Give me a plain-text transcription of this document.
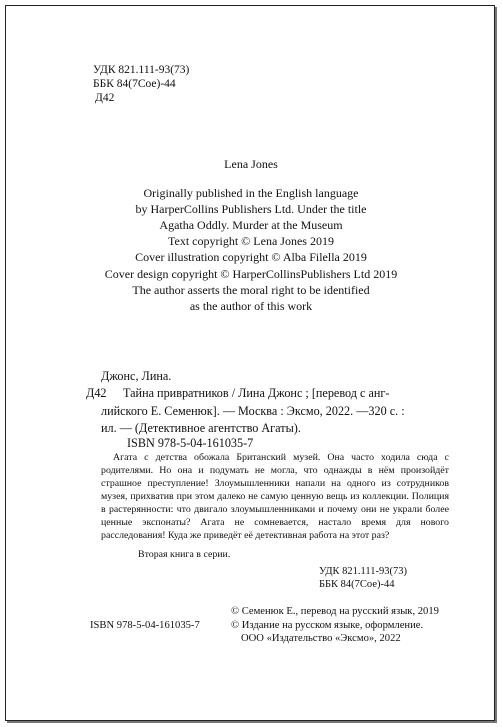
УДК 821.111-93(73)
ББК 84(7Сое)-44
Д42
Lena Jones
Originally published in the English language
by HarperCollins Publishers Ltd. Under the title
Agatha Oddly. Murder at the Museum
Text copyright © Lena Jones 2019
Cover illustration copyright © Alba Filella 2019
Cover design copyright © HarperCollinsPublishers Ltd 2019
The author asserts the moral right to be identified
as the author of this work
Джонс, Лина.
Д42 Тайна привратников / Лина Джонс ; [перевод с анг-
лийского Е. Семенюк]. — Москва : Эксмо, 2022. —320 с. :
ил. — (Детективное агентство Агаты).
ISBN 978-5-04-161035-7

Агата с детства обожала Британский музей. Она часто ходила сюда с родителями. Но она и подумать не могла, что однажды в нём произойдёт страшное преступление! Злоумышленники напали на одного из сотрудников музея, прихватив при этом далеко не самую ценную вещь из коллекции. Полиция в растерянности: что двигало злоумышленниками и почему они не украли более ценные экспонаты? Агата не сомневается, настало время для нового расследования! Куда же приведёт её детективная работа на этот раз?

Вторая книга в серии.
УДК 821.111-93(73)
ББК 84(7Сое)-44
© Семенюк Е., перевод на русский язык, 2019
© Издание на русском языке, оформление.
ООО «Издательство «Эксмо», 2022
ISBN 978-5-04-161035-7
